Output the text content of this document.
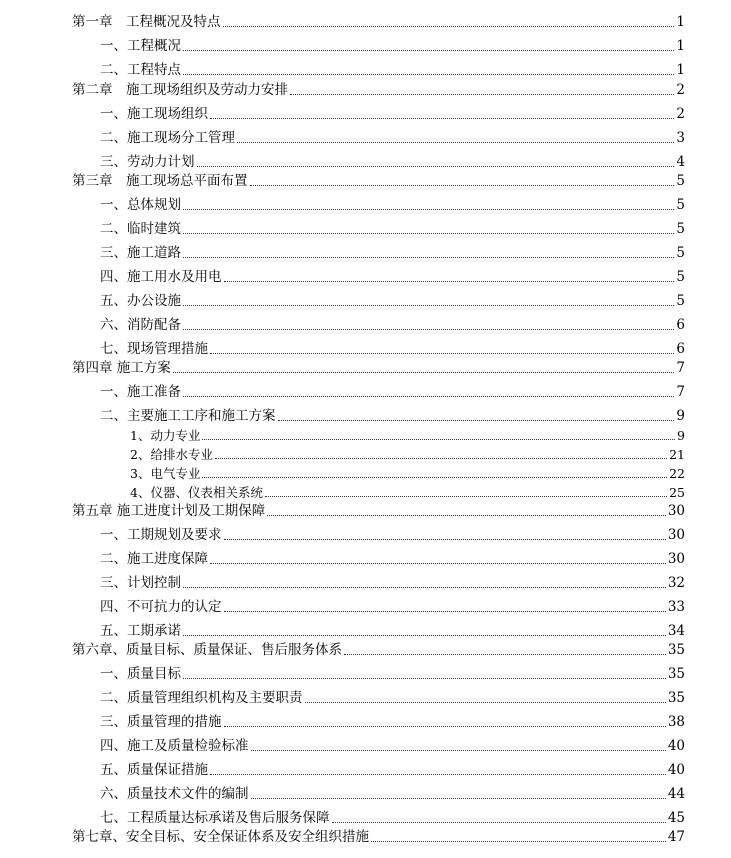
第一章　工程概况及特点	1
一、工程概况	1
二、工程特点	1
第二章　施工现场组织及劳动力安排	2
一、施工现场组织	2
二、施工现场分工管理	3
三、劳动力计划	4
第三章　施工现场总平面布置	5
一、总体规划	5
二、临时建筑	5
三、施工道路	5
四、施工用水及用电	5
五、办公设施	5
六、消防配备	6
七、现场管理措施	6
第四章 施工方案	7
一、施工准备	7
二、主要施工工序和施工方案	9
1、动力专业	9
2、给排水专业	21
3、电气专业	22
4、仪器、仪表相关系统	25
第五章 施工进度计划及工期保障	30
一、工期规划及要求	30
二、施工进度保障	30
三、计划控制	32
四、不可抗力的认定	33
五、工期承诺	34
第六章、质量目标、质量保证、售后服务体系	35
一、质量目标	35
二、质量管理组织机构及主要职责	35
三、质量管理的措施	38
四、施工及质量检验标准	40
五、质量保证措施	40
六、质量技术文件的编制	44
七、工程质量达标承诺及售后服务保障	45
第七章、安全目标、安全保证体系及安全组织措施	47
